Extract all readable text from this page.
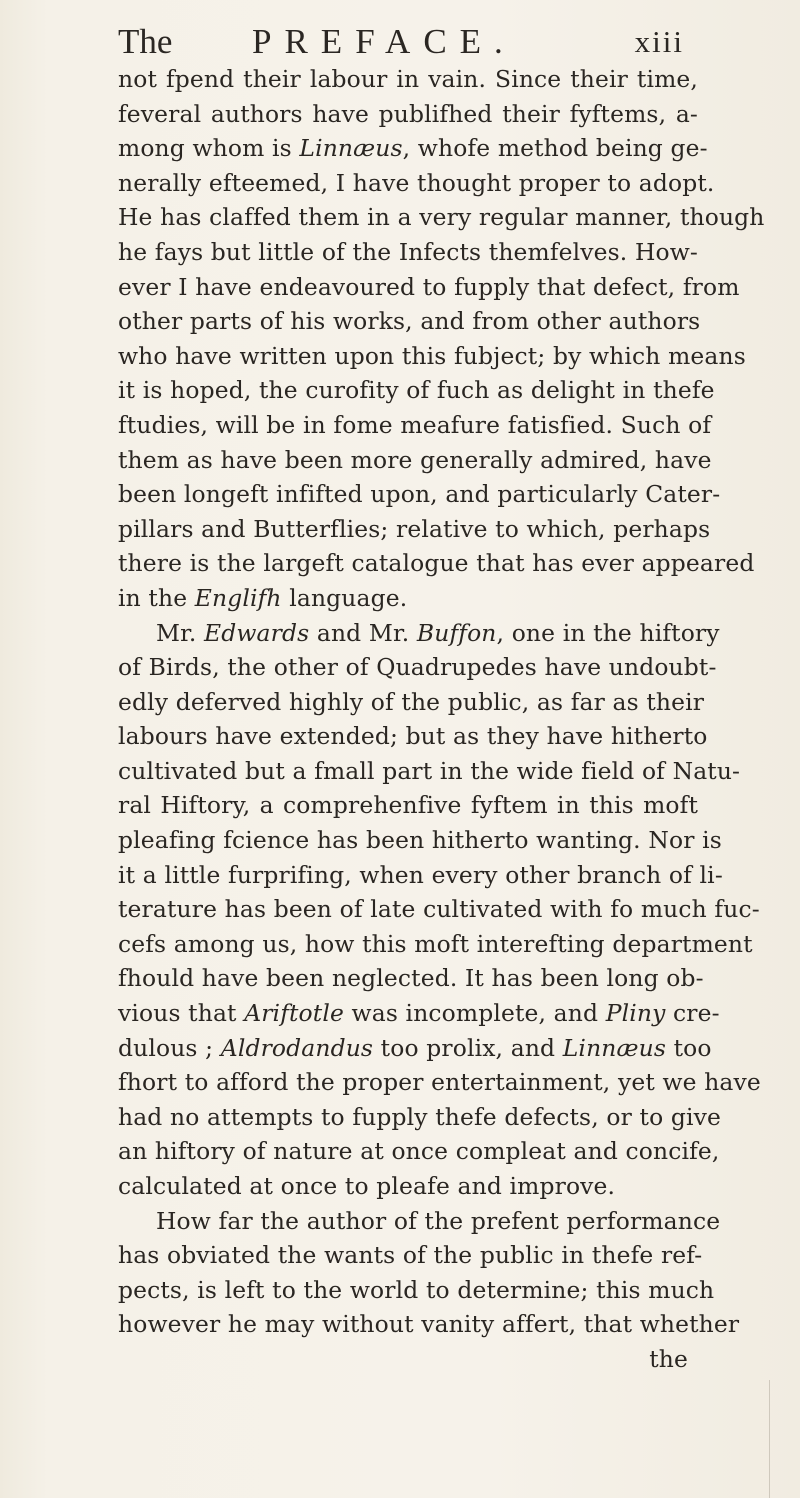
The PREFACE.	xiii
not fpend their labour in vain. Since their time,
feveral authors have publifhed their fyftems, a-
mong whom is Linnæus, whofe method being ge-
nerally efteemed, I have thought proper to adopt.
He has claffed them in a very regular manner, though
he fays but little of the Infects themfelves. How-
ever I have endeavoured to fupply that defect, from
other parts of his works, and from other authors
who have written upon this fubject; by which means
it is hoped, the curofity of fuch as delight in thefe
ftudies, will be in fome meafure fatisfied. Such of
them as have been more generally admired, have
been longeft infifted upon, and particularly Cater-
pillars and Butterflies; relative to which, perhaps
there is the largeft catalogue that has ever appeared
in the Englifh language.
Mr. Edwards and Mr. Buffon, one in the hiftory
of Birds, the other of Quadrupedes have undoubt-
edly deferved highly of the public, as far as their
labours have extended; but as they have hitherto
cultivated but a fmall part in the wide field of Natu-
ral Hiftory, a comprehenfive fyftem in this moft
pleafing fcience has been hitherto wanting. Nor is
it a little furprifing, when every other branch of li-
terature has been of late cultivated with fo much fuc-
cefs among us, how this moft interefting department
fhould have been neglected. It has been long ob-
vious that Ariftotle was incomplete, and Pliny cre-
dulous ; Aldrodandus too prolix, and Linnæus too
fhort to afford the proper entertainment, yet we have
had no attempts to fupply thefe defects, or to give
an hiftory of nature at once compleat and concife,
calculated at once to pleafe and improve.
How far the author of the prefent performance
has obviated the wants of the public in thefe ref-
pects, is left to the world to determine; this much
however he may without vanity affert, that whether
the
